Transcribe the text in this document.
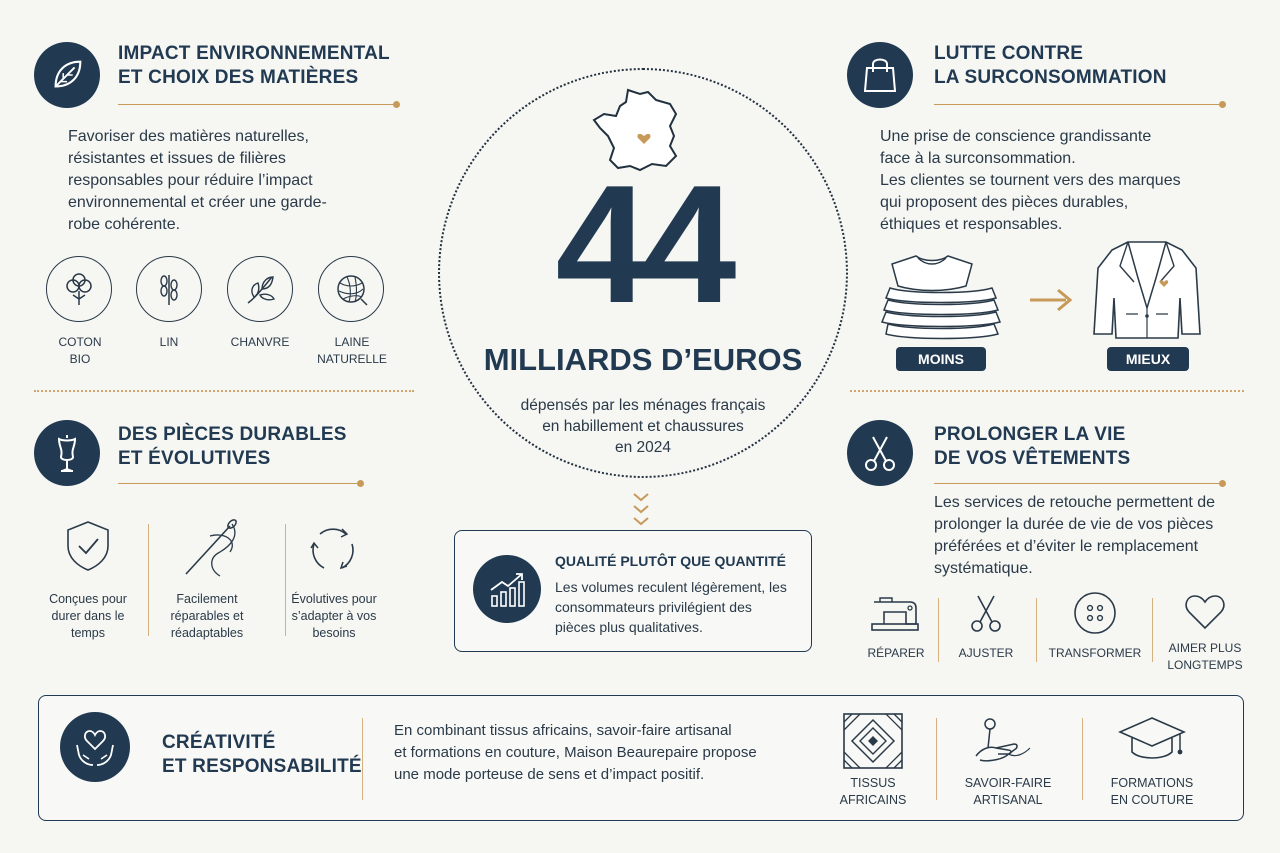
IMPACT ENVIRONNEMENTAL
ET CHOIX DES MATIÈRES
Favoriser des matières naturelles, résistantes et issues de filières responsables pour réduire l’impact environnemental et créer une garde-robe cohérente.
COTON
BIO
LIN	CHANVRE	LAINE
NATURELLE
DES PIÈCES DURABLES
ET ÉVOLUTIVES
Conçues pour
durer dans le
temps
Facilement
réparables et
réadaptables
Évolutives pour
s’adapter à vos
besoins
44
MILLIARDS D’EUROS
dépensés par les ménages français
en habillement et chaussures
en 2024
QUALITÉ PLUTÔT QUE QUANTITÉ
Les volumes reculent légèrement, les consommateurs privilégient des pièces plus qualitatives.
LUTTE CONTRE
LA SURCONSOMMATION
Une prise de conscience grandissante
face à la surconsommation.
Les clientes se tournent vers des marques
qui proposent des pièces durables,
éthiques et responsables.
MOINS	MIEUX
PROLONGER LA VIE
DE VOS VÊTEMENTS
Les services de retouche permettent de prolonger la durée de vie de vos pièces préférées et d’éviter le remplacement systématique.
RÉPARER	AJUSTER	TRANSFORMER	AIMER PLUS
LONGTEMPS
CRÉATIVITÉ
ET RESPONSABILITÉ
En combinant tissus africains, savoir-faire artisanal
et formations en couture, Maison Beaurepaire propose
une mode porteuse de sens et d’impact positif.	TISSUS
AFRICAINS
SAVOIR-FAIRE
ARTISANAL
FORMATIONS
EN COUTURE
